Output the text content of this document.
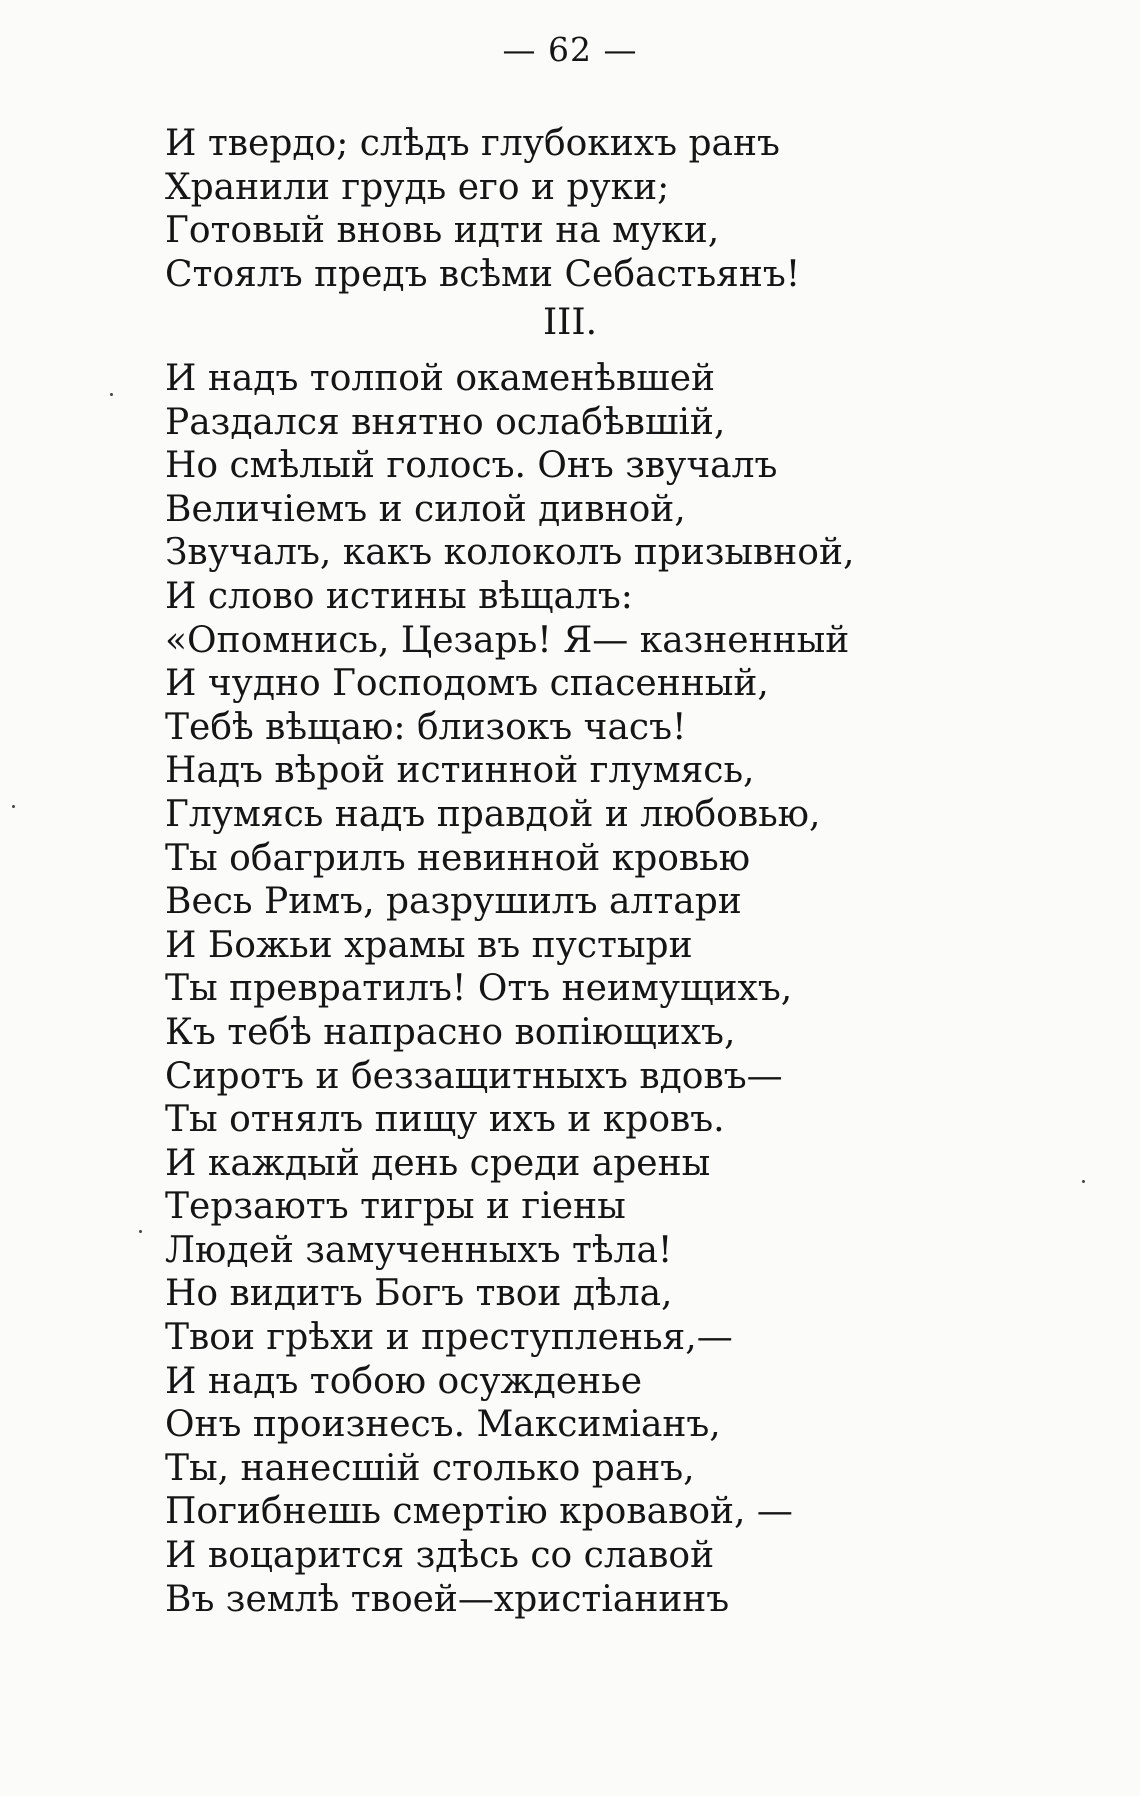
— 62 —
И твердо; слѣдъ глубокихъ ранъ
Хранили грудь его и руки;
Готовый вновь идти на муки,
Стоялъ предъ всѣми Себастьянъ!
III.
И надъ толпой окаменѣвшей
Раздался внятно ослабѣвшій,
Но смѣлый голосъ. Онъ звучалъ
Величіемъ и силой дивной,
Звучалъ, какъ колоколъ призывной,
И слово истины вѣщалъ:
«Опомнись, Цезарь! Я— казненный
И чудно Господомъ спасенный,
Тебѣ вѣщаю: близокъ часъ!
Надъ вѣрой истинной глумясь,
Глумясь надъ правдой и любовью,
Ты обагрилъ невинной кровью
Весь Римъ, разрушилъ алтари
И Божьи храмы въ пустыри
Ты превратилъ! Отъ неимущихъ,
Къ тебѣ напрасно вопіющихъ,
Сиротъ и беззащитныхъ вдовъ—
Ты отнялъ пищу ихъ и кровъ.
И каждый день среди арены
Терзаютъ тигры и гіены
Людей замученныхъ тѣла!
Но видитъ Богъ твои дѣла,
Твои грѣхи и преступленья,—
И надъ тобою осужденье
Онъ произнесъ. Максиміанъ,
Ты, нанесшій столько ранъ,
Погибнешь смертію кровавой, —
И воцарится здѣсь со славой
Въ землѣ твоей—христіанинъ
